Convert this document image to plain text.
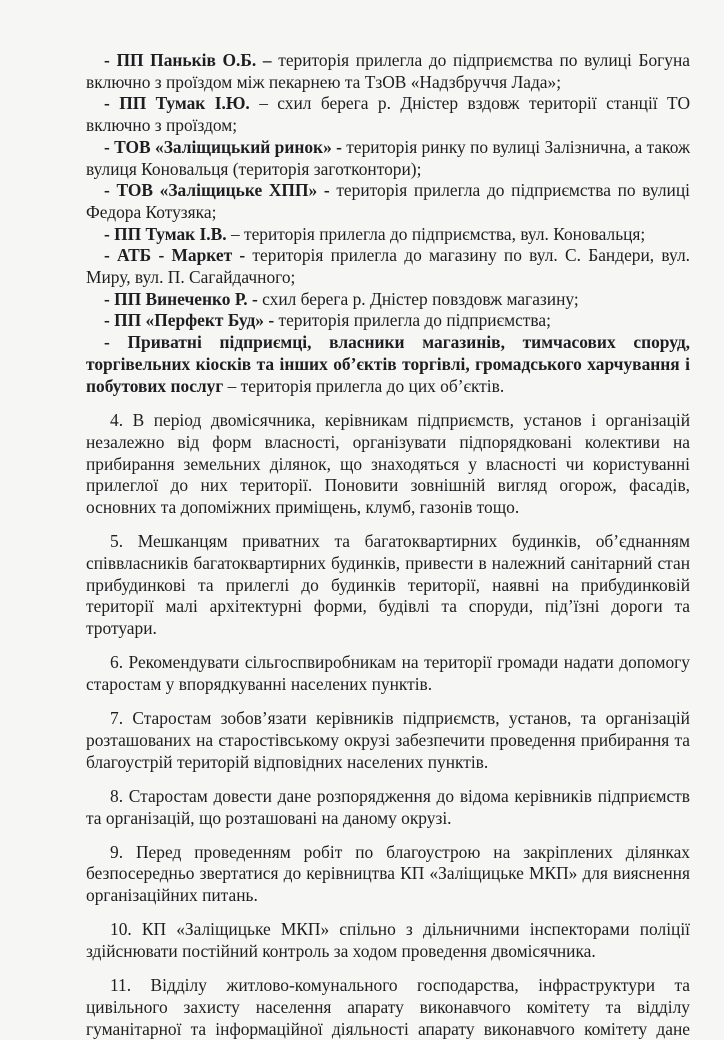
- ПП Паньків О.Б. – територія прилегла до підприємства по вулиці Богуна включно з проїздом між пекарнею та ТзОВ «Надзбруччя Лада»;

- ПП Тумак І.Ю. – схил берега р. Дністер вздовж території станції ТО включно з проїздом;

- ТОВ «Заліщицький ринок» - територія ринку по вулиці Залізнична, а також вулиця Коновальця (територія заготконтори);

- ТОВ «Заліщицьке ХПП» - територія прилегла до підприємства по вулиці Федора Котузяка;

- ПП Тумак І.В. – територія прилегла до підприємства, вул. Коновальця;

- АТБ - Маркет - територія прилегла до магазину по вул. С. Бандери, вул. Миру, вул. П. Сагайдачного;

- ПП Винеченко Р. - схил берега р. Дністер повздовж магазину;

- ПП «Перфект Буд» - територія прилегла до підприємства;

- Приватні підприємці, власники магазинів, тимчасових споруд, торгівельних кіосків та інших об’єктів торгівлі, громадського харчування і побутових послуг – територія прилегла до цих об’єктів.

4. В період двомісячника, керівникам підприємств, установ і організацій незалежно від форм власності, організувати підпорядковані колективи на прибирання земельних ділянок, що знаходяться у власності чи користуванні прилеглої до них території. Поновити зовнішній вигляд огорож, фасадів, основних та допоміжних приміщень, клумб, газонів тощо.

5. Мешканцям приватних та багатоквартирних будинків, об’єднанням співвласників багатоквартирних будинків, привести в належний санітарний стан прибудинкові та прилеглі до будинків території, наявні на прибудинковій території малі архітектурні форми, будівлі та споруди, під’їзні дороги та тротуари.

6. Рекомендувати сільгоспвиробникам на території громади надати допомогу старостам у впорядкуванні населених пунктів.

7. Старостам зобов’язати керівників підприємств, установ, та організацій розташованих на старостівському окрузі забезпечити проведення прибирання та благоустрій територій відповідних населених пунктів.

8. Старостам довести дане розпорядження до відома керівників підприємств та організацій, що розташовані на даному окрузі.

9. Перед проведенням робіт по благоустрою на закріплених ділянках безпосередньо звертатися до керівництва КП «Заліщицьке МКП» для вияснення організаційних питань.

10. КП «Заліщицьке МКП» спільно з дільничними інспекторами поліції здійснювати постійний контроль за ходом проведення двомісячника.

11. Відділу житлово-комунального господарства, інфраструктури та цивільного захисту населення апарату виконавчого комітету та відділу гуманітарної та інформаційної діяльності апарату виконавчого комітету дане
